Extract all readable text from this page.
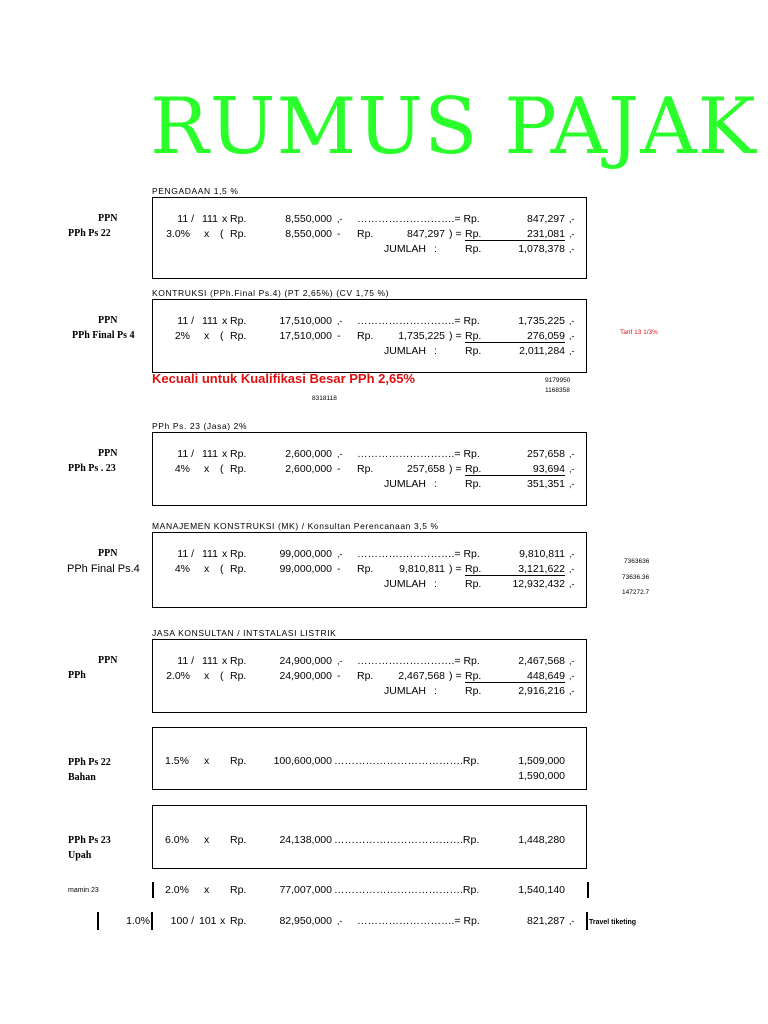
RUMUS PAJAK
PENGADAAN 1,5 %
PPN
PPh Ps 22
11 / 111 x Rp.	8,550,000 ,- ……………………….= Rp.	847,297 ,-
3.0% x ( Rp.	8,550,000 - Rp.	847,297 ) = Rp.	231,081 ,-
JUMLAH :	Rp.	1,078,378 ,-
KONTRUKSI (PPh.Final Ps.4) (PT 2,65%) (CV 1,75 %)
PPN
PPh Final Ps 4
11 / 111 x Rp.	17,510,000 ,- ……………………….= Rp.	1,735,225 ,-
2% x ( Rp.	17,510,000 - Rp.	1,735,225 ) = Rp.	276,059 ,-
JUMLAH :	Rp.	2,011,284 ,-
PPh Ps. 23 (Jasa) 2%
PPN
PPh Ps . 23
11 / 111 x Rp.	2,600,000 ,- ……………………….= Rp.	257,658 ,-
4% x ( Rp.	2,600,000 - Rp.	257,658 ) = Rp.	93,694 ,-
JUMLAH :	Rp.	351,351 ,-
MANAJEMEN KONSTRUKSI (MK) / Konsultan Perencanaan 3,5 %
PPN
PPh Final Ps.4
11 / 111 x Rp.	99,000,000 ,- ……………………….= Rp.	9,810,811 ,-
4% x ( Rp.	99,000,000 - Rp.	9,810,811 ) = Rp.	3,121,622 ,-
JUMLAH :	Rp.	12,932,432 ,-
JASA KONSULTAN / INTSTALASI LISTRIK
PPN
PPh
11 / 111 x Rp.	24,900,000 ,- ……………………….= Rp.	2,467,568 ,-
2.0% x ( Rp.	24,900,000 - Rp.	2,467,568 ) = Rp.	448,649 ,-
JUMLAH :	Rp.	2,916,216 ,-
Tarif 13 1/3%
Kecuali untuk Kualifikasi Besar PPh 2,65%	9179950
1168358
8318118
7363636
73636.36
147272.7
PPh Ps 22
Bahan
1.5% x Rp.	100,600,000 ……………………………….Rp.	1,509,000
1,590,000
PPh Ps 23
Upah
6.0% x Rp.	24,138,000 ……………………………….Rp.	1,448,280
mamin 23	2.0% x Rp.	77,007,000 ……………………………….Rp.	1,540,140
1.0%	100 / 101 x Rp.	82,950,000 ,- ……………………….= Rp.	821,287 ,- Travel tiketing
